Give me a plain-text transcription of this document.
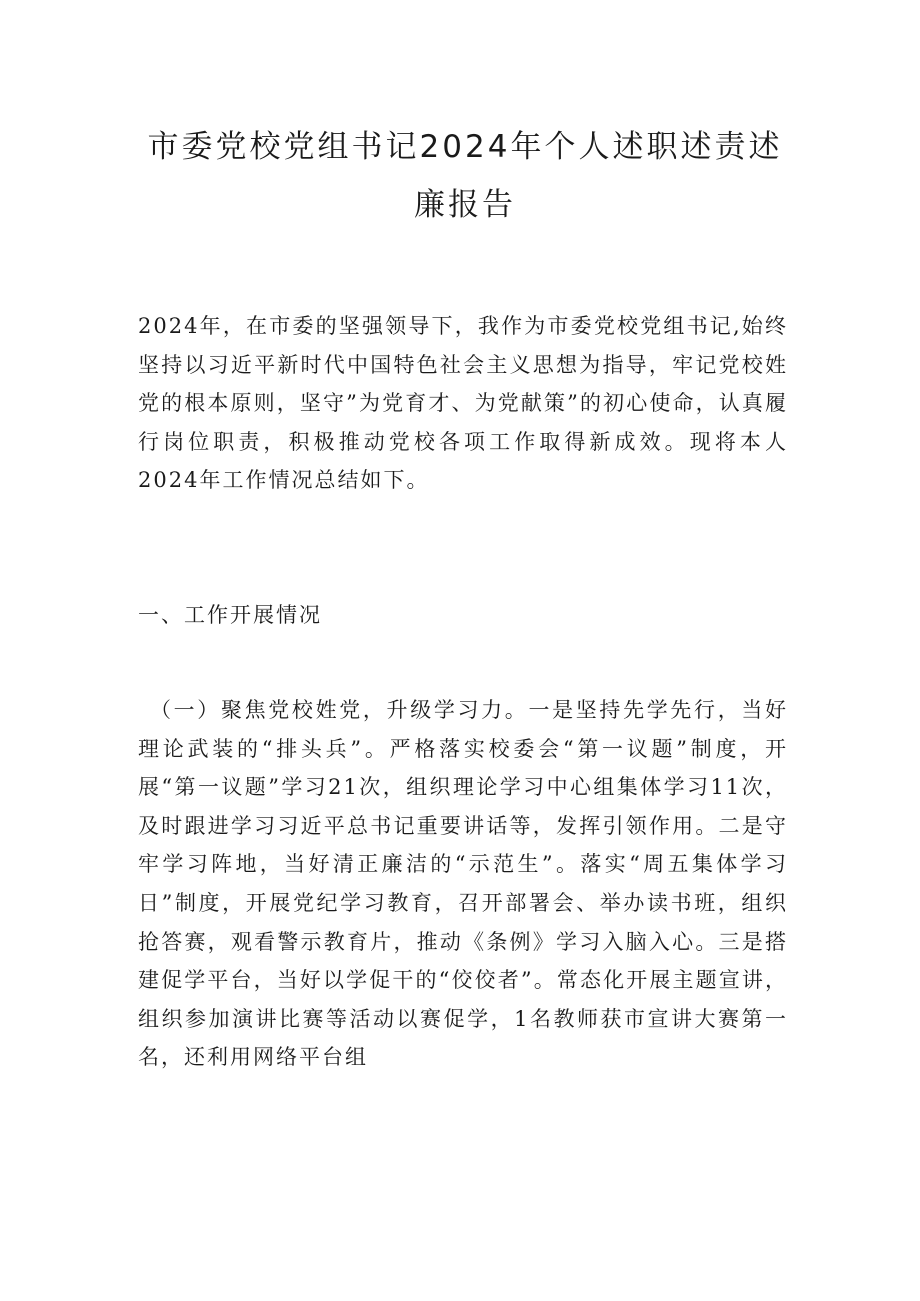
市委党校党组书记2024年个人述职述责述
廉报告

2024年，在市委的坚强领导下，我作为市委党校党组书记,始终坚持以习近平新时代中国特色社会主义思想为指导，牢记党校姓党的根本原则，坚守”为党育才、为党献策”的初心使命，认真履行岗位职责，积极推动党校各项工作取得新成效。现将本人2024年工作情况总结如下。

一、工作开展情况

（一）聚焦党校姓党，升级学习力。一是坚持先学先行，当好理论武装的“排头兵”。严格落实校委会“第一议题”制度，开展“第一议题”学习21次，组织理论学习中心组集体学习11次，及时跟进学习习近平总书记重要讲话等，发挥引领作用。二是守牢学习阵地，当好清正廉洁的“示范生”。落实“周五集体学习日”制度，开展党纪学习教育，召开部署会、举办读书班，组织抢答赛，观看警示教育片，推动《条例》学习入脑入心。三是搭建促学平台，当好以学促干的“佼佼者”。常态化开展主题宣讲，组织参加演讲比赛等活动以赛促学，1名教师获市宣讲大赛第一名，还利用网络平台组
